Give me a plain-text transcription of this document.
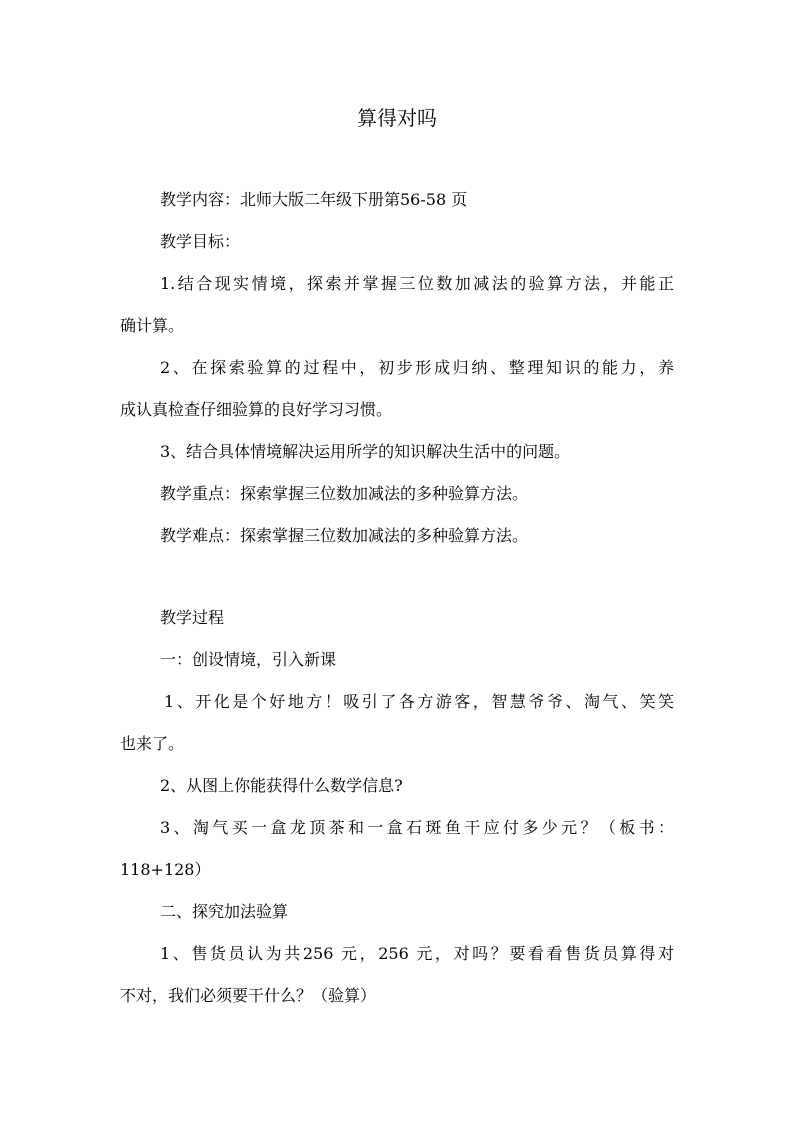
算得对吗
教学内容：北师大版二年级下册第56-58 页
教学目标：
1.结合现实情境，探索并掌握三位数加减法的验算方法，并能正
确计算。
2、在探索验算的过程中，初步形成归纳、整理知识的能力，养
成认真检查仔细验算的良好学习习惯。
3、结合具体情境解决运用所学的知识解决生活中的问题。
教学重点：探索掌握三位数加减法的多种验算方法。
教学难点：探索掌握三位数加减法的多种验算方法。
教学过程
一：创设情境，引入新课
1、开化是个好地方！吸引了各方游客，智慧爷爷、淘气、笑笑
也来了。
2、从图上你能获得什么数学信息?
3、淘气买一盒龙顶茶和一盒石斑鱼干应付多少元？（板书：
118+128）
二、探究加法验算
1、售货员认为共256 元，256 元，对吗？要看看售货员算得对
不对，我们必须要干什么？（验算）
